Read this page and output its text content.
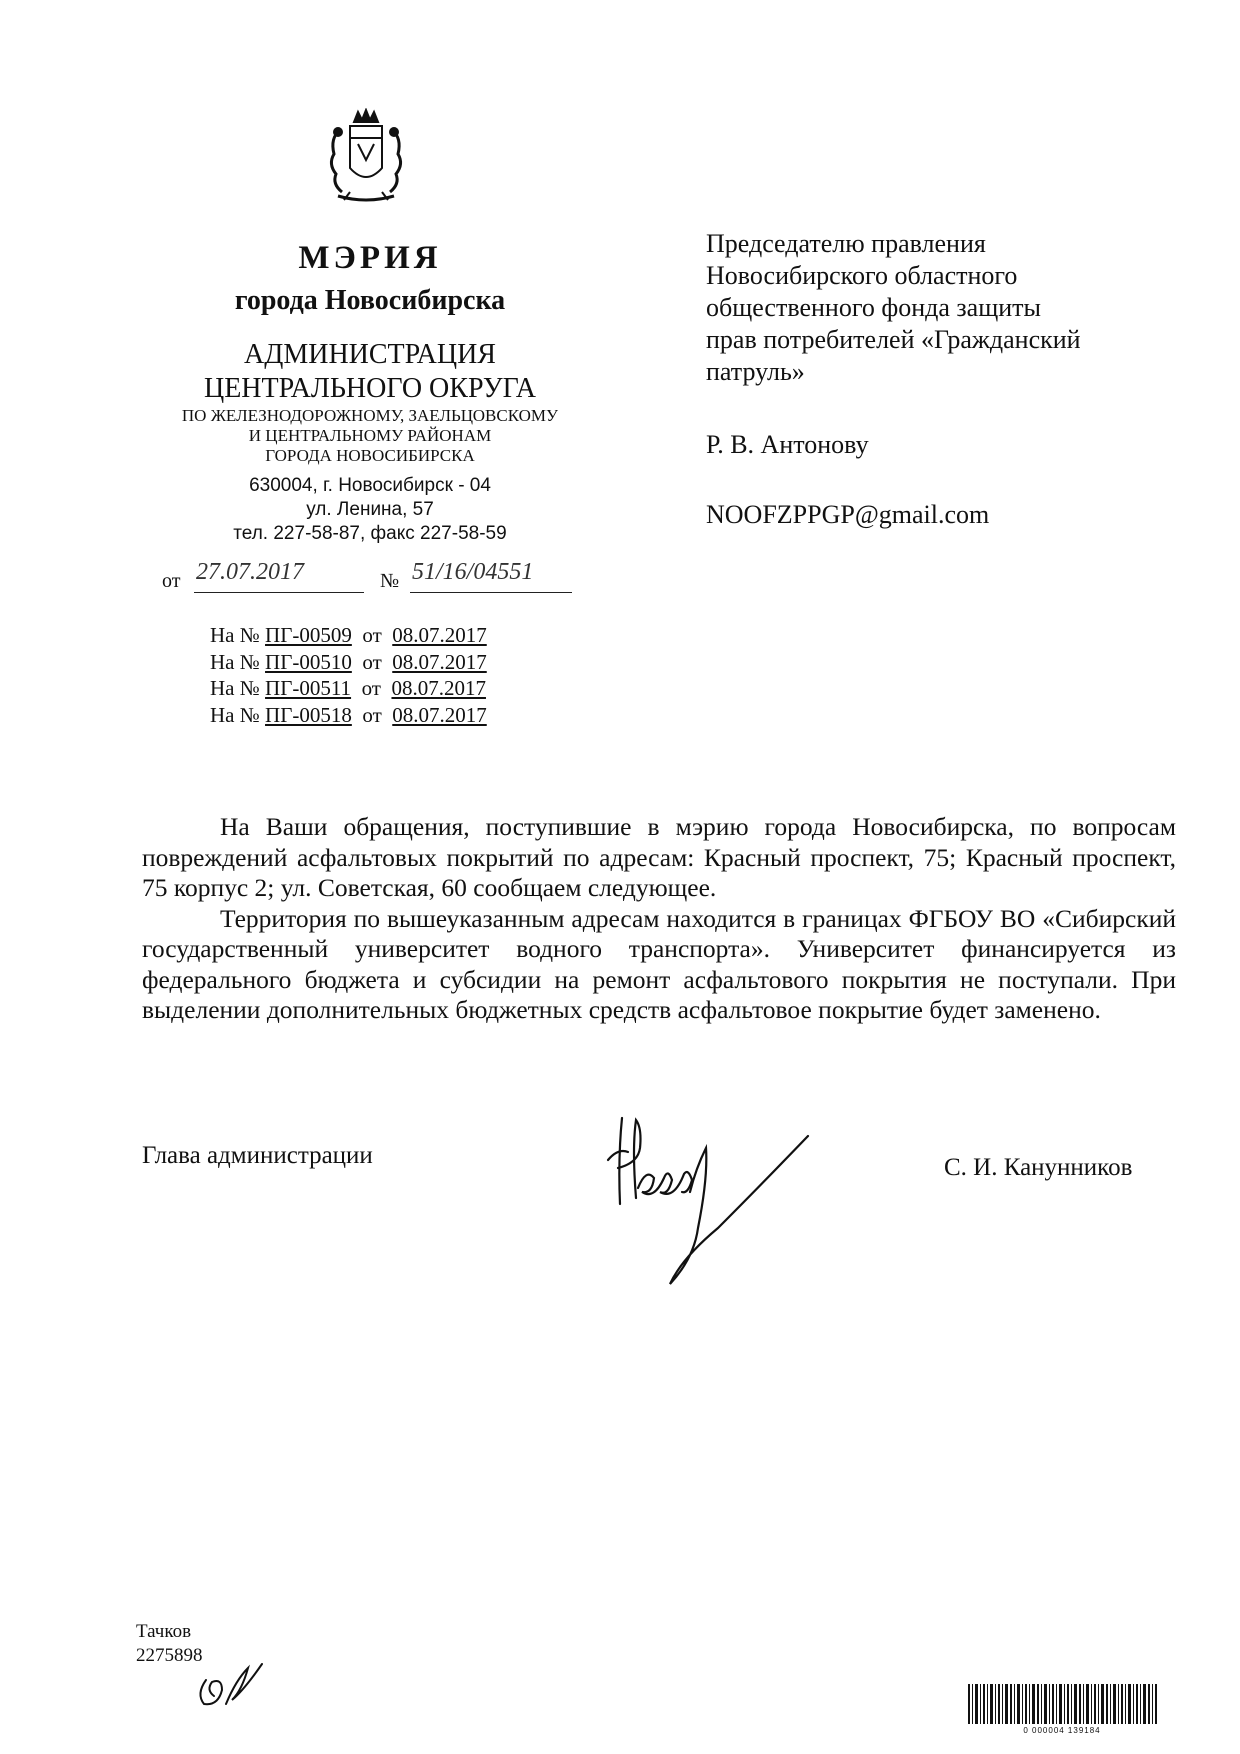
МЭРИЯ
города Новосибирска
АДМИНИСТРАЦИЯ
ЦЕНТРАЛЬНОГО ОКРУГА
ПО ЖЕЛЕЗНОДОРОЖНОМУ, ЗАЕЛЬЦОВСКОМУ
И ЦЕНТРАЛЬНОМУ РАЙОНАМ
ГОРОДА НОВОСИБИРСКА
630004, г. Новосибирск - 04
ул. Ленина, 57
тел. 227-58-87, факс 227-58-59
Председателю правления
Новосибирского областного
общественного фонда защиты
прав потребителей «Гражданский
патруль»
Р. В. Антонову
NOOFZPPGP@gmail.com
от 27.07.2017	№ 51/16/04551
На № ПГ-00509 от 08.07.2017
На № ПГ-00510 от 08.07.2017
На № ПГ-00511 от 08.07.2017
На № ПГ-00518 от 08.07.2017

На Ваши обращения, поступившие в мэрию города Новосибирска, по вопросам повреждений асфальтовых покрытий по адресам: Красный проспект, 75; Красный проспект, 75 корпус 2; ул. Советская, 60 сообщаем следующее.

Территория по вышеуказанным адресам находится в границах ФГБОУ ВО «Сибирский государственный университет водного транспорта». Университет финансируется из федерального бюджета и субсидии на ремонт асфальтового покрытия не поступали. При выделении дополнительных бюджетных средств асфальтовое покрытие будет заменено.

Глава администрации	С. И. Канунников
Тачков
2275898
0 000004 139184
